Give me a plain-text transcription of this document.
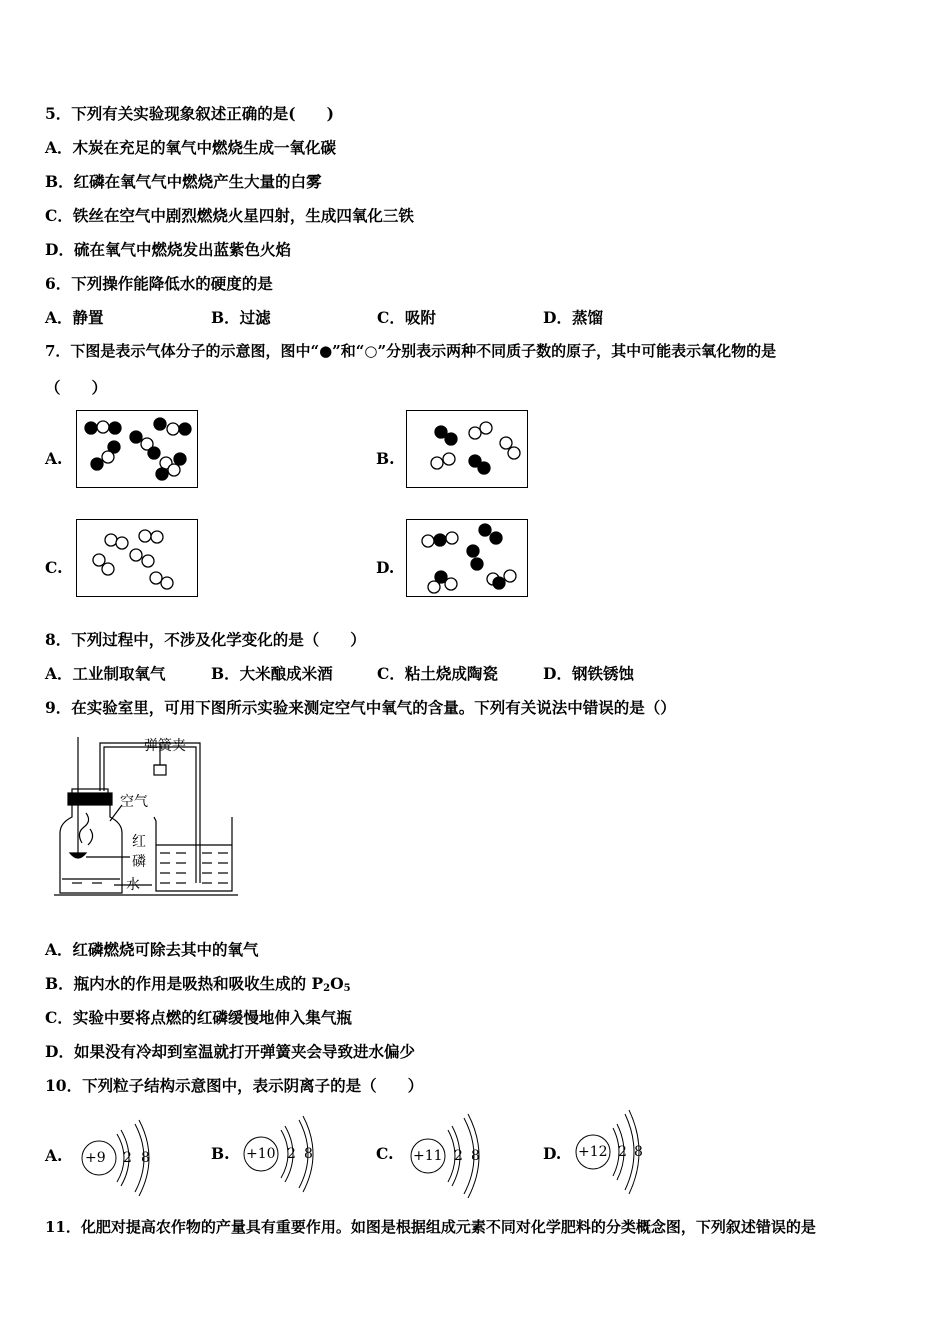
5．下列有关实验现象叙述正确的是(　　)
A．木炭在充足的氧气中燃烧生成一氧化碳
B．红磷在氧气气中燃烧产生大量的白雾
C．铁丝在空气中剧烈燃烧火星四射，生成四氧化三铁
D．硫在氧气中燃烧发出蓝紫色火焰
6．下列操作能降低水的硬度的是
A．静置	B．过滤	C．吸附	D．蒸馏
7．下图是表示气体分子的示意图，图中“●”和“○”分别表示两种不同质子数的原子，其中可能表示氧化物的是
（　　）
A.	B.
C.	D.
8．下列过程中，不涉及化学变化的是（　　）
A．工业制取氧气	B．大米酿成米酒	C．粘土烧成陶瓷	D．钢铁锈蚀
9．在实验室里，可用下图所示实验来测定空气中氧气的含量。下列有关说法中错误的是（）
弹簧夹
空气
红
磷
水
A．红磷燃烧可除去其中的氧气
B．瓶内水的作用是吸热和吸收生成的 $P_2O_5$
C．实验中要将点燃的红磷缓慢地伸入集气瓶
D．如果没有冷却到室温就打开弹簧夹会导致进水偏少
10．下列粒子结构示意图中，表示阴离子的是（　　）
A. +9 2 8	B. +10 2 8	C. +11 2 8	D. +12 2 8
11．化肥对提高农作物的产量具有重要作用。如图是根据组成元素不同对化学肥料的分类概念图，下列叙述错误的是
